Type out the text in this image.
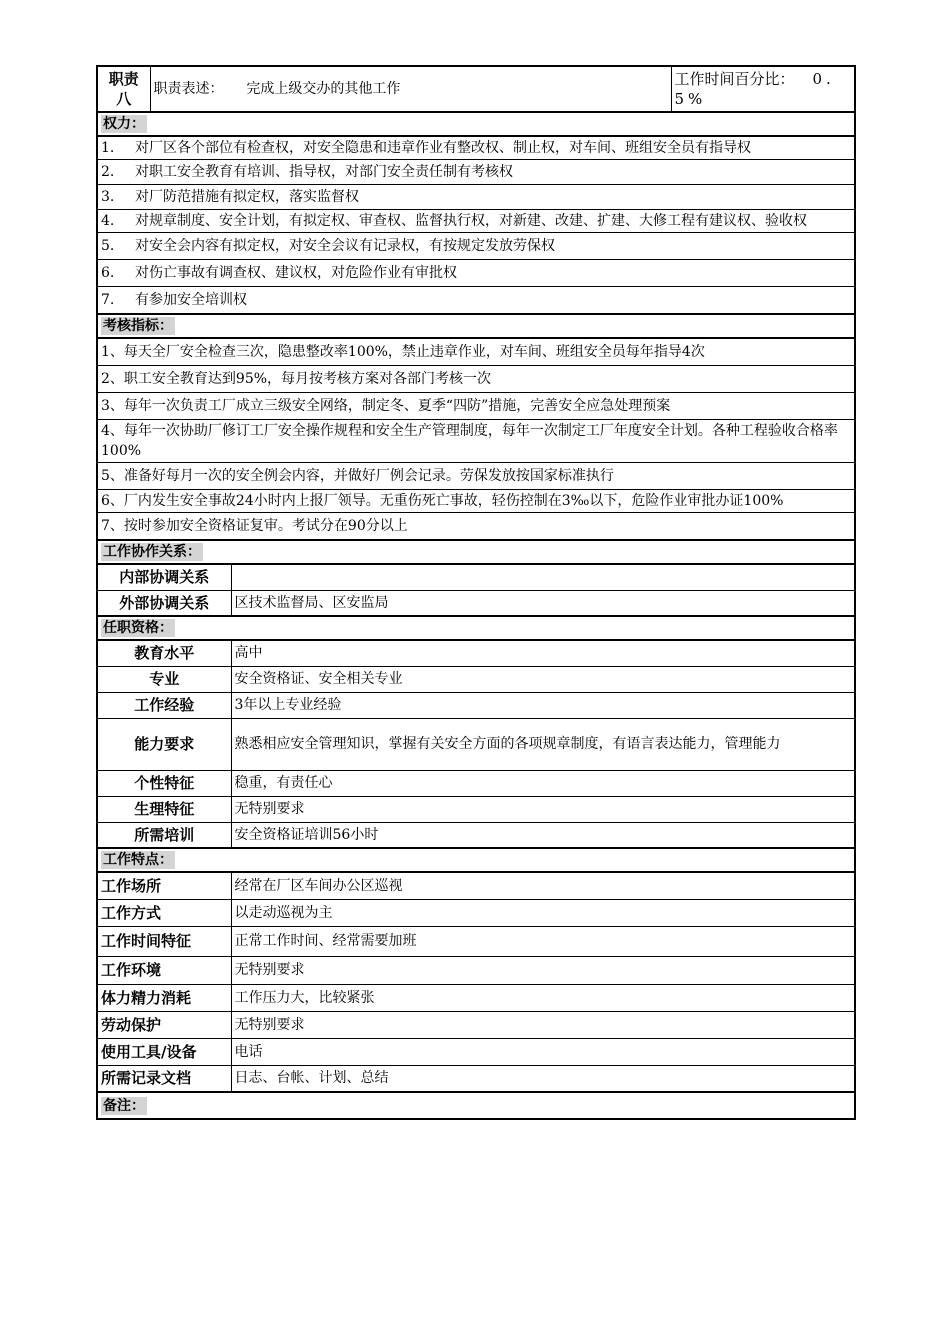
职责八	职责表述： 完成上级交办的其他工作		工作时间百分比： 0.5%
权力：			
1. 对厂区各个部位有检查权，对安全隐患和违章作业有整改权、制止权，对车间、班组安全员有指导权			
2. 对职工安全教育有培训、指导权，对部门安全责任制有考核权			
3. 对厂防范措施有拟定权，落实监督权			
4. 对规章制度、安全计划，有拟定权、审查权、监督执行权，对新建、改建、扩建、大修工程有建议权、验收权			
5. 对安全会内容有拟定权，对安全会议有记录权，有按规定发放劳保权			
6. 对伤亡事故有调查权、建议权，对危险作业有审批权			
7. 有参加安全培训权			
考核指标：			
1、每天全厂安全检查三次，隐患整改率100%，禁止违章作业，对车间、班组安全员每年指导4次			
2、职工安全教育达到95%，每月按考核方案对各部门考核一次			
3、每年一次负责工厂成立三级安全网络，制定冬、夏季“四防”措施，完善安全应急处理预案			
4、每年一次协助厂修订工厂安全操作规程和安全生产管理制度，每年一次制定工厂年度安全计划。各种工程验收合格率100%			
5、准备好每月一次的安全例会内容，并做好厂例会记录。劳保发放按国家标准执行			
6、厂内发生安全事故24小时内上报厂领导。无重伤死亡事故，轻伤控制在3‰以下，危险作业审批办证100%			
7、按时参加安全资格证复审。考试分在90分以上			
工作协作关系：			
内部协调关系			
外部协调关系		区技术监督局、区安监局	
任职资格：			
教育水平		高中	
专业		安全资格证、安全相关专业	
工作经验		3年以上专业经验	
能力要求		熟悉相应安全管理知识，掌握有关安全方面的各项规章制度，有语言表达能力，管理能力	
个性特征		稳重，有责任心	
生理特征		无特别要求	
所需培训		安全资格证培训56小时	
工作特点：			
工作场所		经常在厂区车间办公区巡视	
工作方式		以走动巡视为主	
工作时间特征		正常工作时间、经常需要加班	
工作环境		无特别要求	
体力精力消耗		工作压力大，比较紧张	
劳动保护		无特别要求	
使用工具/设备		电话	
所需记录文档		日志、台帐、计划、总结	
备注：			
